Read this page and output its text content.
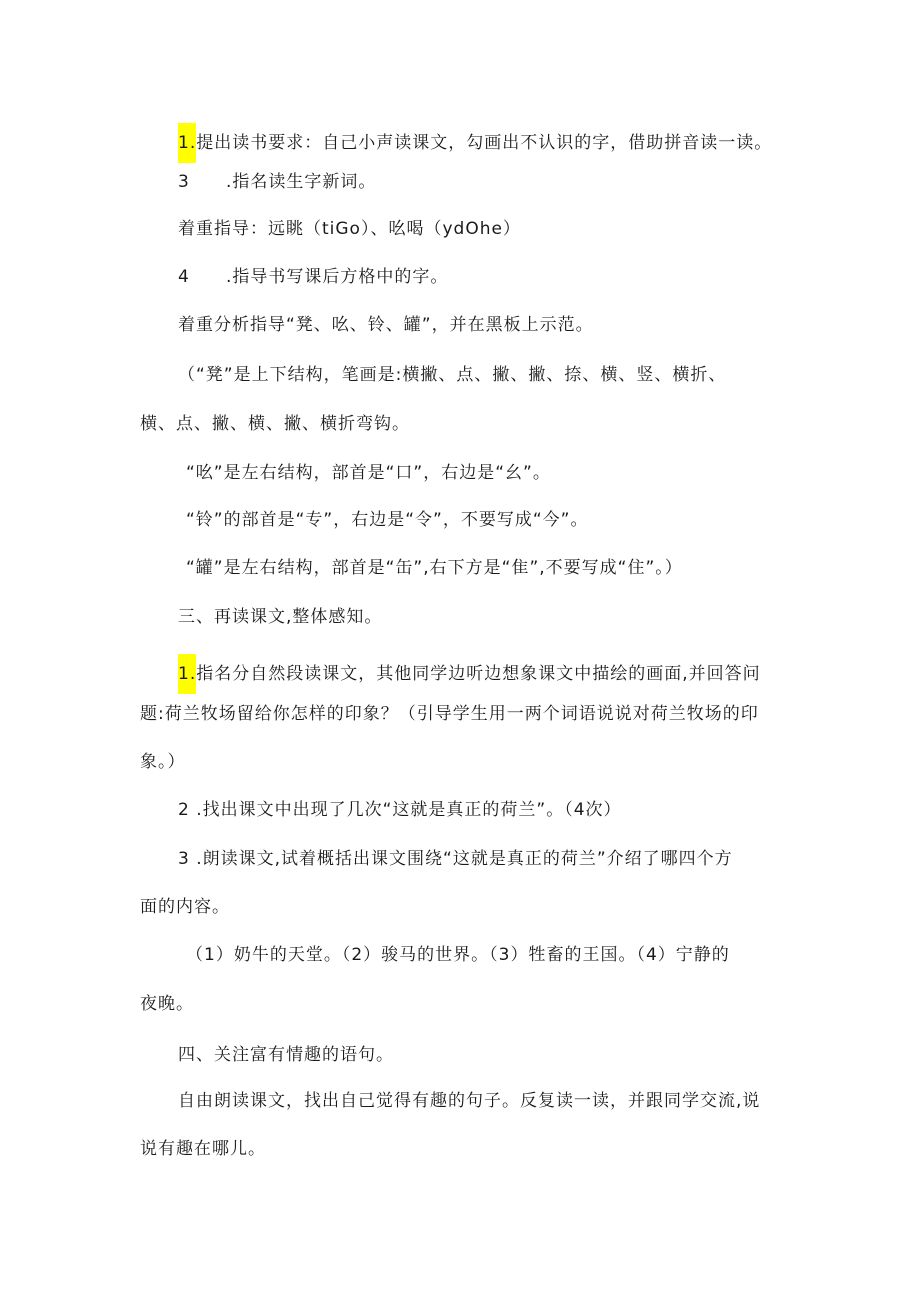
1.提出读书要求：自己小声读课文，勾画出不认识的字，借助拼音读一读。
3 .指名读生字新词。
着重指导：远眺（tiGo）、吆喝（ydOhe）
4 .指导书写课后方格中的字。
着重分析指导“凳、吆、铃、罐”，并在黑板上示范。
（“凳”是上下结构，笔画是:横撇、点、撇、撇、捺、横、竖、横折、
横、点、撇、横、撇、横折弯钩。
“吆”是左右结构，部首是“口”，右边是“幺”。
“铃”的部首是“专”，右边是“令”，不要写成“今”。
“罐”是左右结构，部首是“缶”,右下方是“隹”,不要写成“住”。）
三、再读课文,整体感知。
1.指名分自然段读课文，其他同学边听边想象课文中描绘的画面,并回答问
题:荷兰牧场留给你怎样的印象？（引导学生用一两个词语说说对荷兰牧场的印
象。）
2 .找出课文中出现了几次“这就是真正的荷兰”。（4次）
3 .朗读课文,试着概括出课文围绕“这就是真正的荷兰”介绍了哪四个方
面的内容。
（1）奶牛的天堂。（2）骏马的世界。（3）牲畜的王国。（4）宁静的
夜晚。
四、关注富有情趣的语句。
自由朗读课文，找出自己觉得有趣的句子。反复读一读，并跟同学交流,说
说有趣在哪儿。
